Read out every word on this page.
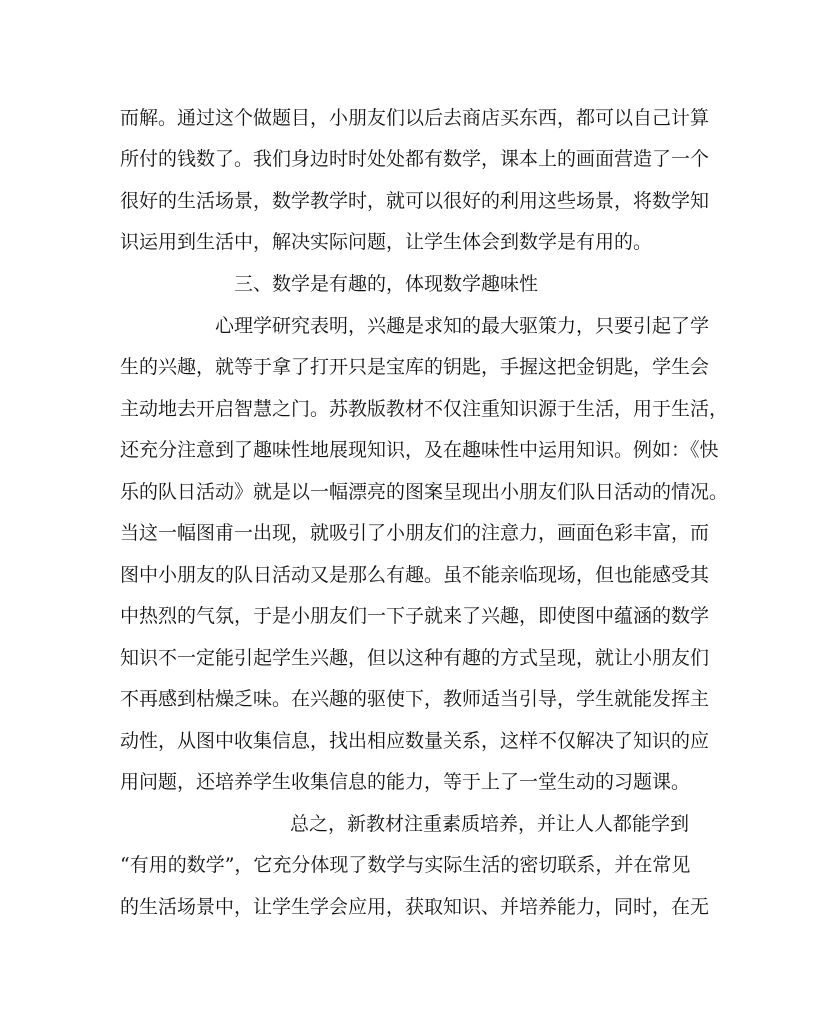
而解。通过这个做题目，小朋友们以后去商店买东西，都可以自己计算
所付的钱数了。我们身边时时处处都有数学，课本上的画面营造了一个
很好的生活场景，数学教学时，就可以很好的利用这些场景，将数学知
识运用到生活中，解决实际问题，让学生体会到数学是有用的。
三、数学是有趣的，体现数学趣味性
心理学研究表明，兴趣是求知的最大驱策力，只要引起了学
生的兴趣，就等于拿了打开只是宝库的钥匙，手握这把金钥匙，学生会
主动地去开启智慧之门。苏教版教材不仅注重知识源于生活，用于生活，
还充分注意到了趣味性地展现知识，及在趣味性中运用知识。例如：《快
乐的队日活动》就是以一幅漂亮的图案呈现出小朋友们队日活动的情况。
当这一幅图甫一出现，就吸引了小朋友们的注意力，画面色彩丰富，而
图中小朋友的队日活动又是那么有趣。虽不能亲临现场，但也能感受其
中热烈的气氛，于是小朋友们一下子就来了兴趣，即使图中蕴涵的数学
知识不一定能引起学生兴趣，但以这种有趣的方式呈现，就让小朋友们
不再感到枯燥乏味。在兴趣的驱使下，教师适当引导，学生就能发挥主
动性，从图中收集信息，找出相应数量关系，这样不仅解决了知识的应
用问题，还培养学生收集信息的能力，等于上了一堂生动的习题课。
总之，新教材注重素质培养，并让人人都能学到
“有用的数学”，它充分体现了数学与实际生活的密切联系，并在常见
的生活场景中，让学生学会应用，获取知识、并培养能力，同时，在无
